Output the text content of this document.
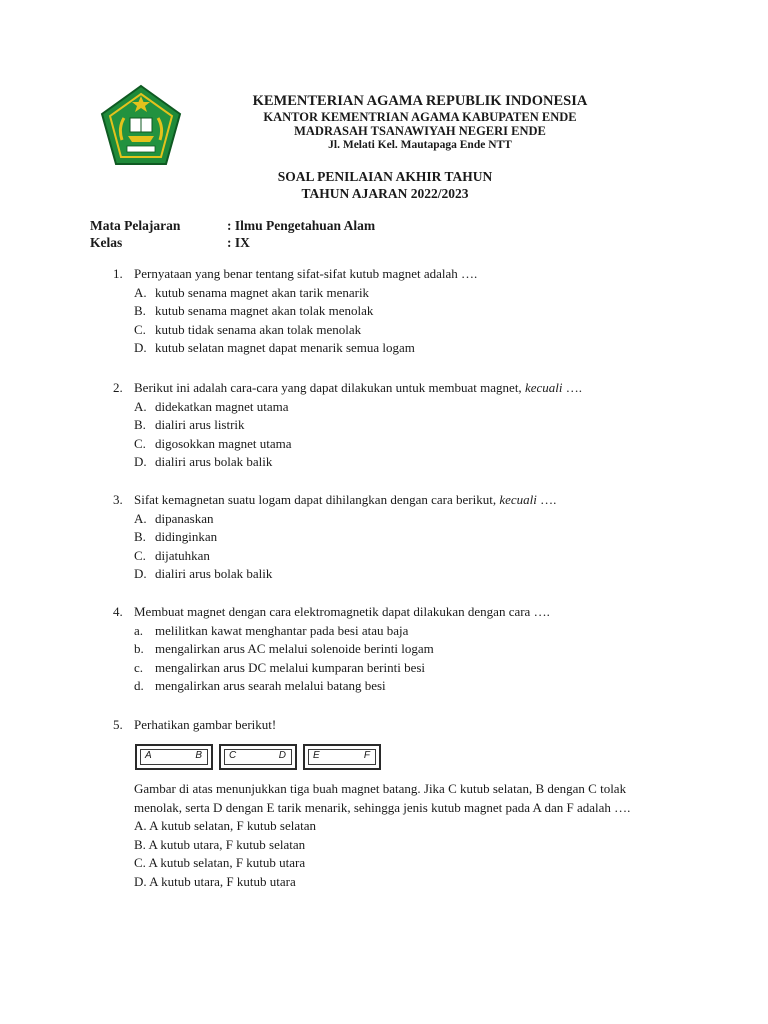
KEMENTERIAN AGAMA REPUBLIK INDONESIA
KANTOR KEMENTRIAN AGAMA KABUPATEN ENDE
MADRASAH TSANAWIYAH NEGERI ENDE
Jl. Melati Kel. Mautapaga Ende NTT
SOAL PENILAIAN AKHIR TAHUN
TAHUN AJARAN 2022/2023
Mata Pelajaran	: Ilmu Pengetahuan Alam
Kelas	: IX
1. Pernyataan yang benar tentang sifat-sifat kutub magnet adalah ….
A. kutub senama magnet akan tarik menarik
B. kutub senama magnet akan tolak menolak
C. kutub tidak senama akan tolak menolak
D. kutub selatan magnet dapat menarik semua logam
2. Berikut ini adalah cara-cara yang dapat dilakukan untuk membuat magnet, kecuali ….
A. didekatkan magnet utama
B. dialiri arus listrik
C. digosokkan magnet utama
D. dialiri arus bolak balik
3. Sifat kemagnetan suatu logam dapat dihilangkan dengan cara berikut, kecuali ….
A. dipanaskan
B. didinginkan
C. dijatuhkan
D. dialiri arus bolak balik
4. Membuat magnet dengan cara elektromagnetik dapat dilakukan dengan cara ….
a. melilitkan kawat menghantar pada besi atau baja
b. mengalirkan arus AC melalui solenoide berinti logam
c. mengalirkan arus DC melalui kumparan berinti besi
d. mengalirkan arus searah melalui batang besi
5. Perhatikan gambar berikut!
A	B	C	D	E	F
Gambar di atas menunjukkan tiga buah magnet batang. Jika C kutub selatan, B dengan C tolak
menolak, serta D dengan E tarik menarik, sehingga jenis kutub magnet pada A dan F adalah ….
A. A kutub selatan, F kutub selatan
B. A kutub utara, F kutub selatan
C. A kutub selatan, F kutub utara
D. A kutub utara, F kutub utara
